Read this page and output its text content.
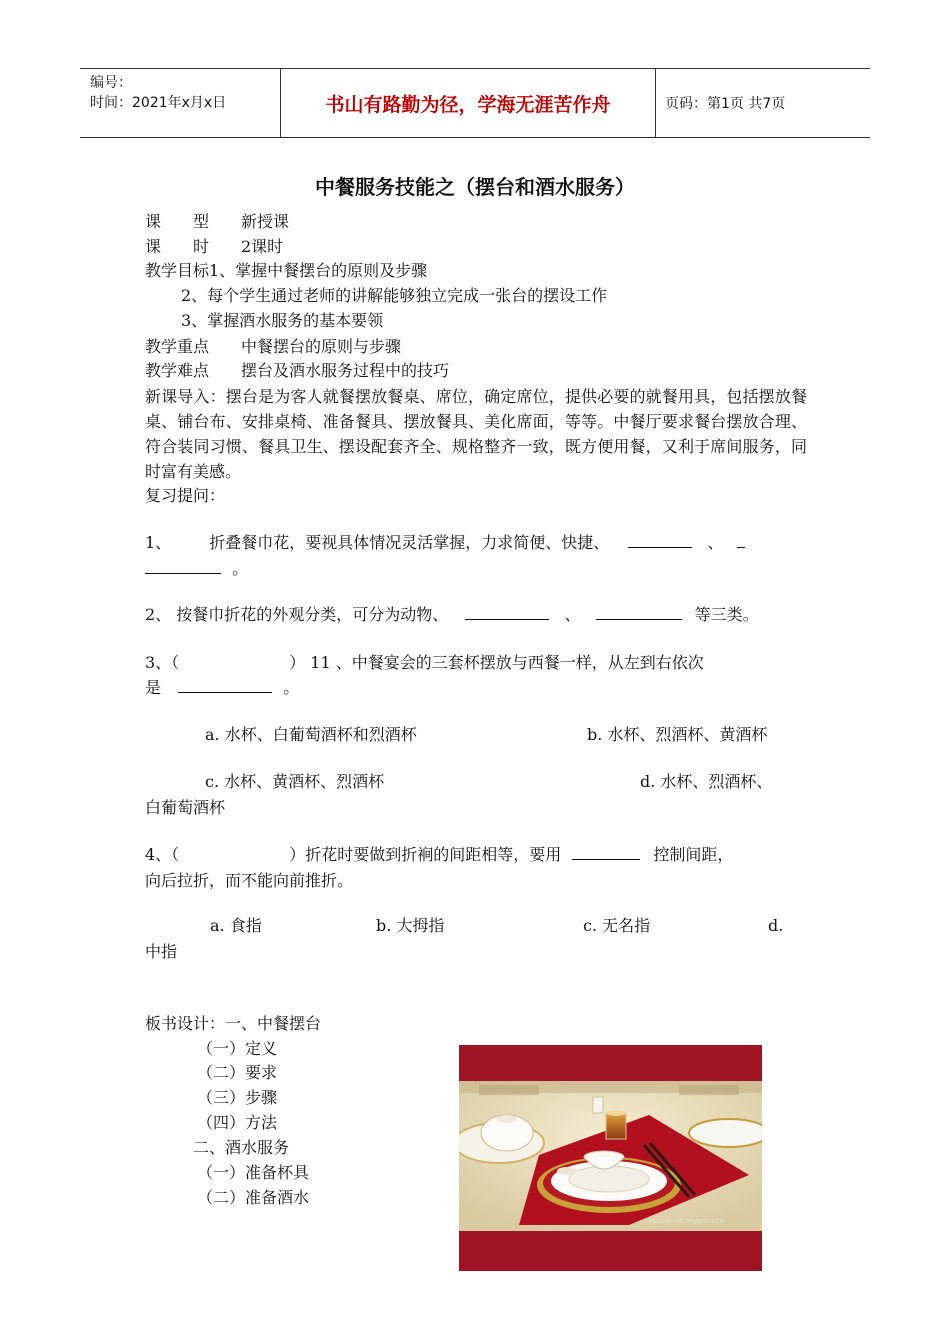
编号：
时间：2021年x月x日	书山有路勤为径，学海无涯苦作舟	页码：第1页 共7页
中餐服务技能之（摆台和酒水服务）
课　　型　　新授课
课　　时　　2课时
教学目标1、掌握中餐摆台的原则及步骤
2、每个学生通过老师的讲解能够独立完成一张台的摆设工作
3、掌握酒水服务的基本要领
教学重点　　中餐摆台的原则与步骤
教学难点　　摆台及酒水服务过程中的技巧
新课导入：摆台是为客人就餐摆放餐桌、席位，确定席位，提供必要的就餐用具，包括摆放餐桌、铺台布、安排桌椅、准备餐具、摆放餐具、美化席面，等等。中餐厅要求餐台摆放合理、符合装同习惯、餐具卫生、摆设配套齐全、规格整齐一致，既方便用餐，又利于席间服务，同时富有美感。
复习提问：
1、 折叠餐巾花，要视具体情况灵活掌握，力求简便、快捷、	、
。
2、 按餐巾折花的外观分类，可分为动物、	、	等三类。
3、（	） 11 、中餐宴会的三套杯摆放与西餐一样，从左到右依次
是	。
a. 水杯、白葡萄酒杯和烈酒杯	b. 水杯、烈酒杯、黄酒杯
c. 水杯、黄酒杯、烈酒杯	d. 水杯、烈酒杯、
白葡萄酒杯
4、（	）折花时要做到折裥的间距相等，要用	控制间距，
向后拉折，而不能向前推折。
a. 食指	b. 大拇指	c. 无名指	d.
中指
板书设计：一、中餐摆台
（一）定义
（二）要求
（三）步骤
（四）方法
二、酒水服务
（一）准备杯具
（二）准备酒水
momo-art.mypoco.cn
